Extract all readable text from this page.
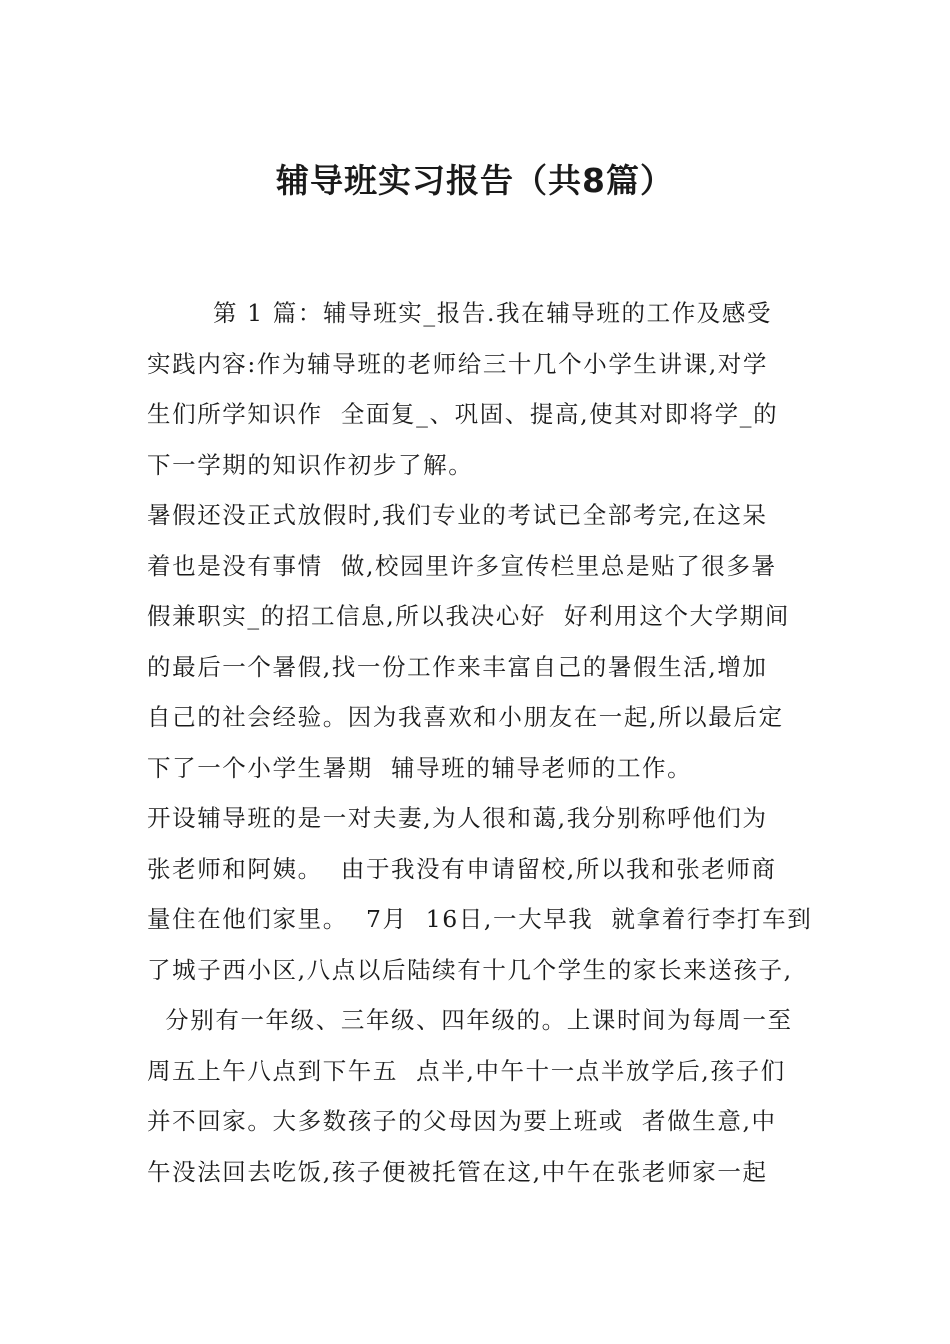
辅导班实习报告（共8篇）
第 1 篇：辅导班实_报告.我在辅导班的工作及感受
实践内容:作为辅导班的老师给三十几个小学生讲课,对学
生们所学知识作  全面复_、巩固、提高,使其对即将学_的
下一学期的知识作初步了解。
暑假还没正式放假时,我们专业的考试已全部考完,在这呆
着也是没有事情  做,校园里许多宣传栏里总是贴了很多暑
假兼职实_的招工信息,所以我决心好  好利用这个大学期间
的最后一个暑假,找一份工作来丰富自己的暑假生活,增加
自己的社会经验。因为我喜欢和小朋友在一起,所以最后定
下了一个小学生暑期  辅导班的辅导老师的工作。
开设辅导班的是一对夫妻,为人很和蔼,我分别称呼他们为
张老师和阿姨。  由于我没有申请留校,所以我和张老师商
量住在他们家里。  7月  16日,一大早我  就拿着行李打车到
了城子西小区,八点以后陆续有十几个学生的家长来送孩子,
分别有一年级、三年级、四年级的。上课时间为每周一至
周五上午八点到下午五  点半,中午十一点半放学后,孩子们
并不回家。大多数孩子的父母因为要上班或  者做生意,中
午没法回去吃饭,孩子便被托管在这,中午在张老师家一起
